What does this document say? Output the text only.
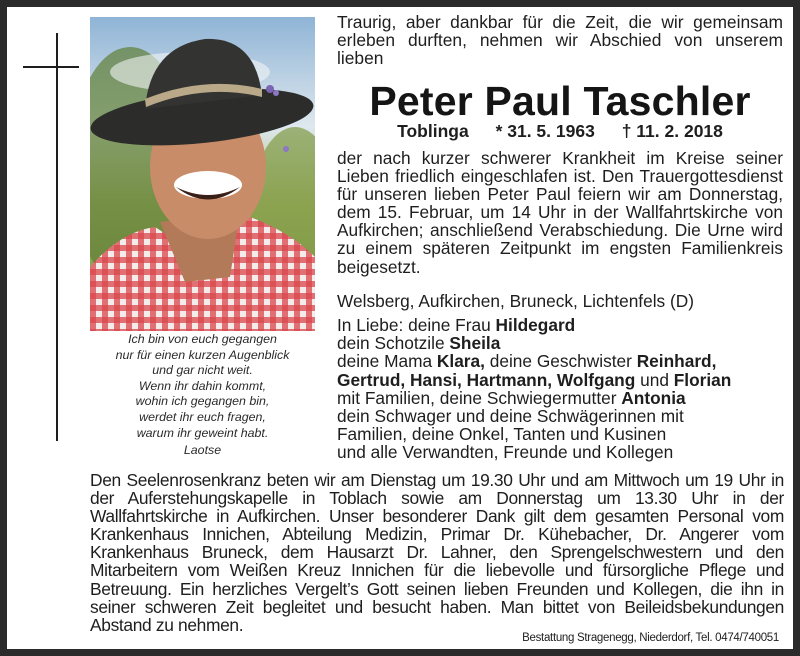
Ich bin von euch gegangen
nur für einen kurzen Augenblick
und gar nicht weit.
Wenn ihr dahin kommt,
wohin ich gegangen bin,
werdet ihr euch fragen,
warum ihr geweint habt.
Laotse
Traurig, aber dankbar für die Zeit, die wir gemeinsam erleben durften, nehmen wir Abschied von unserem lieben
Peter Paul Taschler
Toblinga * 31. 5. 1963 † 11. 2. 2018
der nach kurzer schwerer Krankheit im Kreise seiner Lieben friedlich eingeschlafen ist. Den Trauergottesdienst für unseren lieben Peter Paul feiern wir am Donnerstag, dem 15. Februar, um 14 Uhr in der Wallfahrtskirche von Aufkirchen; anschließend Verabschiedung. Die Urne wird zu einem späteren Zeitpunkt im engsten Familienkreis beigesetzt.
Welsberg, Aufkirchen, Bruneck, Lichtenfels (D)
In Liebe: deine Frau Hildegard
dein Schotzile Sheila
deine Mama Klara, deine Geschwister Reinhard,
Gertrud, Hansi, Hartmann, Wolfgang und Florian
mit Familien, deine Schwiegermutter Antonia
dein Schwager und deine Schwägerinnen mit
Familien, deine Onkel, Tanten und Kusinen
und alle Verwandten, Freunde und Kollegen
Den Seelenrosenkranz beten wir am Dienstag um 19.30 Uhr und am Mittwoch um 19 Uhr in der Auferstehungskapelle in Toblach sowie am Donnerstag um 13.30 Uhr in der Wallfahrtskirche in Aufkirchen. Unser besonderer Dank gilt dem gesamten Personal vom Krankenhaus Innichen, Abteilung Medizin, Primar Dr. Kühebacher, Dr. Angerer vom Krankenhaus Bruneck, dem Hausarzt Dr. Lahner, den Sprengelschwestern und den Mitarbeitern vom Weißen Kreuz Innichen für die liebevolle und fürsorgliche Pflege und Betreuung. Ein herzliches Vergelt’s Gott seinen lieben Freunden und Kollegen, die ihn in seiner schweren Zeit begleitet und besucht haben. Man bittet von Beileidsbekundungen Abstand zu nehmen.
Bestattung Stragenegg, Niederdorf, Tel. 0474/740051
